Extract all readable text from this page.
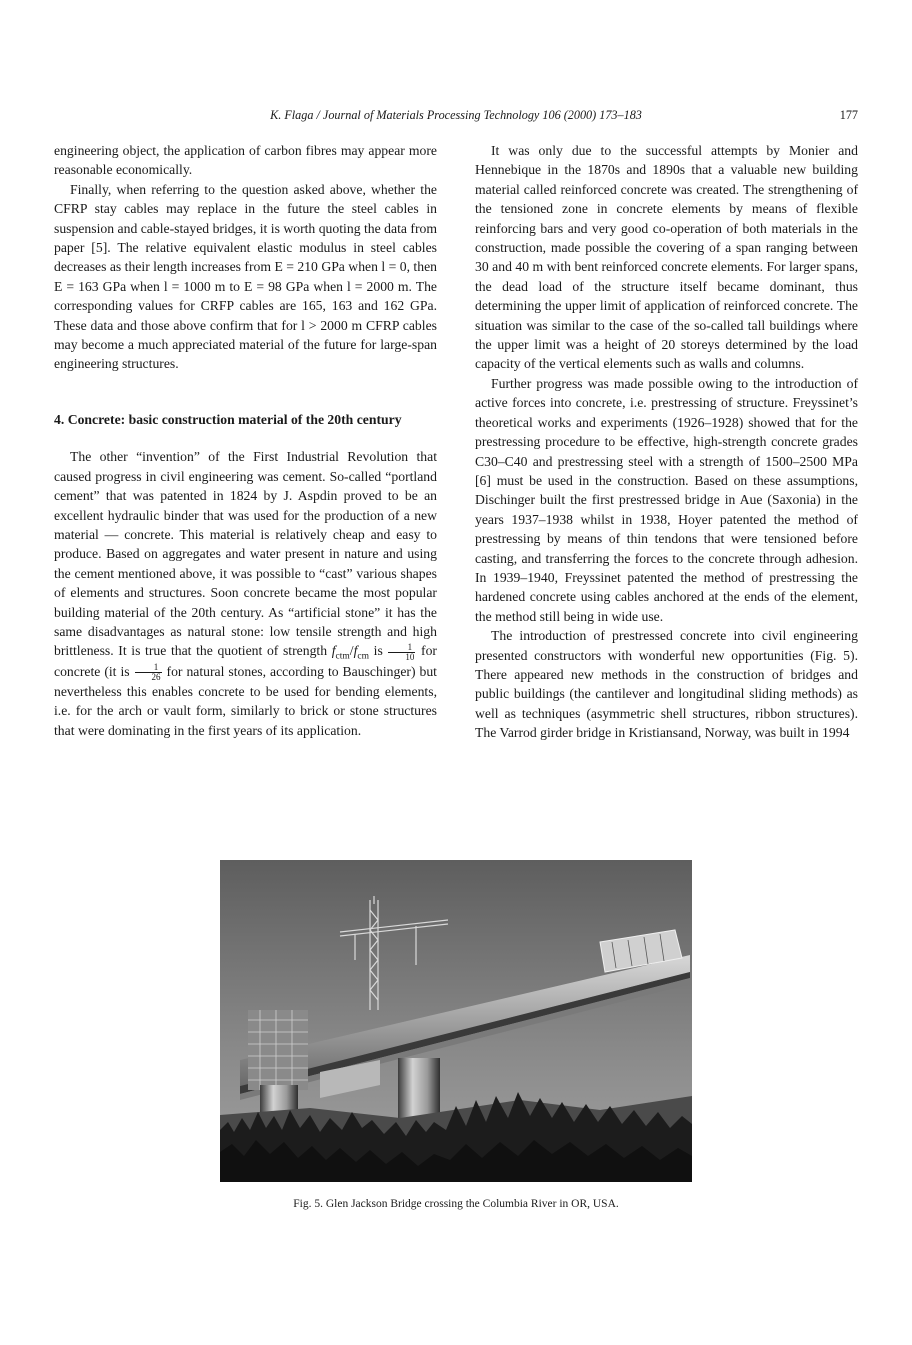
K. Flaga / Journal of Materials Processing Technology 106 (2000) 173–183	177

engineering object, the application of carbon fibres may appear more reasonable economically.

Finally, when referring to the question asked above, whether the CFRP stay cables may replace in the future the steel cables in suspension and cable-stayed bridges, it is worth quoting the data from paper [5]. The relative equivalent elastic modulus in steel cables decreases as their length increases from E = 210 GPa when l = 0, then E = 163 GPa when l = 1000 m to E = 98 GPa when l = 2000 m. The corresponding values for CRFP cables are 165, 163 and 162 GPa. These data and those above confirm that for l > 2000 m CFRP cables may become a much appreciated material of the future for large-span engineering structures.

4. Concrete: basic construction material of the 20th century

The other “invention” of the First Industrial Revolution that caused progress in civil engineering was cement. So-called “portland cement” that was patented in 1824 by J. Aspdin proved to be an excellent hydraulic binder that was used for the production of a new material — concrete. This material is relatively cheap and easy to produce. Based on aggregates and water present in nature and using the cement mentioned above, it was possible to “cast” various shapes of elements and structures. Soon concrete became the most popular building material of the 20th century. As “artificial stone” it has the same disadvantages as natural stone: low tensile strength and high brittleness. It is true that the quotient of strength $f_{ctm}/f_{cm}$ is $\frac{1}{10}$ for concrete (it is $\frac{1}{26}$ for natural stones, according to Bauschinger) but nevertheless this enables concrete to be used for bending elements, i.e. for the arch or vault form, similarly to brick or stone structures that were dominating in the first years of its application.

It was only due to the successful attempts by Monier and Hennebique in the 1870s and 1890s that a valuable new building material called reinforced concrete was created. The strengthening of the tensioned zone in concrete elements by means of flexible reinforcing bars and very good co-operation of both materials in the construction, made possible the covering of a span ranging between 30 and 40 m with bent reinforced concrete elements. For larger spans, the dead load of the structure itself became dominant, thus determining the upper limit of application of reinforced concrete. The situation was similar to the case of the so-called tall buildings where the upper limit was a height of 20 storeys determined by the load capacity of the vertical elements such as walls and columns.

Further progress was made possible owing to the introduction of active forces into concrete, i.e. prestressing of structure. Freyssinet’s theoretical works and experiments (1926–1928) showed that for the prestressing procedure to be effective, high-strength concrete grades C30–C40 and prestressing steel with a strength of 1500–2500 MPa [6] must be used in the construction. Based on these assumptions, Dischinger built the first prestressed bridge in Aue (Saxonia) in the years 1937–1938 whilst in 1938, Hoyer patented the method of prestressing by means of thin tendons that were tensioned before casting, and transferring the forces to the concrete through adhesion. In 1939–1940, Freyssinet patented the method of prestressing the hardened concrete using cables anchored at the ends of the element, the method still being in wide use.

The introduction of prestressed concrete into civil engineering presented constructors with wonderful new opportunities (Fig. 5). There appeared new methods in the construction of bridges and public buildings (the cantilever and longitudinal sliding methods) as well as techniques (asymmetric shell structures, ribbon structures). The Varrod girder bridge in Kristiansand, Norway, was built in 1994

Fig. 5. Glen Jackson Bridge crossing the Columbia River in OR, USA.
